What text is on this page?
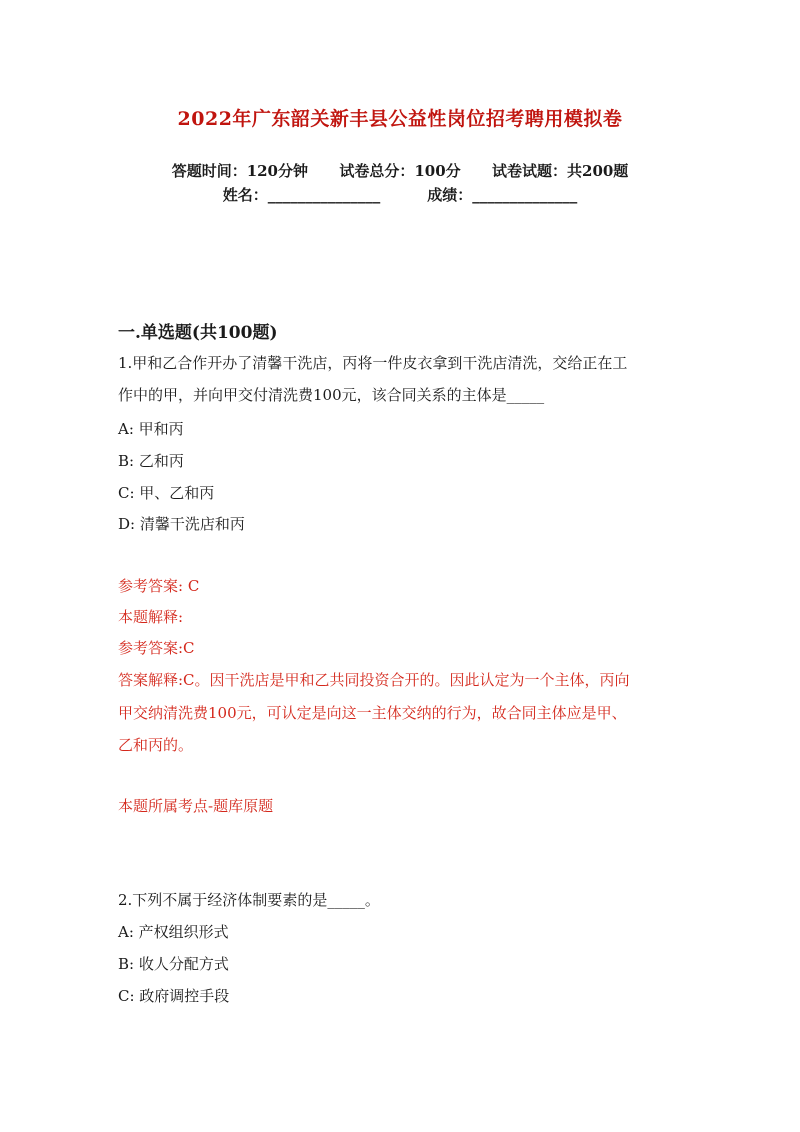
2022年广东韶关新丰县公益性岗位招考聘用模拟卷
答题时间：120分钟 试卷总分：100分 试卷试题：共200题
姓名：_______________	成绩：______________
一.单选题(共100题)
1.甲和乙合作开办了清馨干洗店，丙将一件皮衣拿到干洗店清洗，交给正在工
作中的甲，并向甲交付清洗费100元，该合同关系的主体是_____
A: 甲和丙
B: 乙和丙
C: 甲、乙和丙
D: 清馨干洗店和丙
参考答案: C
本题解释:
参考答案:C
答案解释:C。因干洗店是甲和乙共同投资合开的。因此认定为一个主体，丙向
甲交纳清洗费100元，可认定是向这一主体交纳的行为，故合同主体应是甲、
乙和丙的。
本题所属考点-题库原题
2.下列不属于经济体制要素的是_____。
A: 产权组织形式
B: 收人分配方式
C: 政府调控手段
